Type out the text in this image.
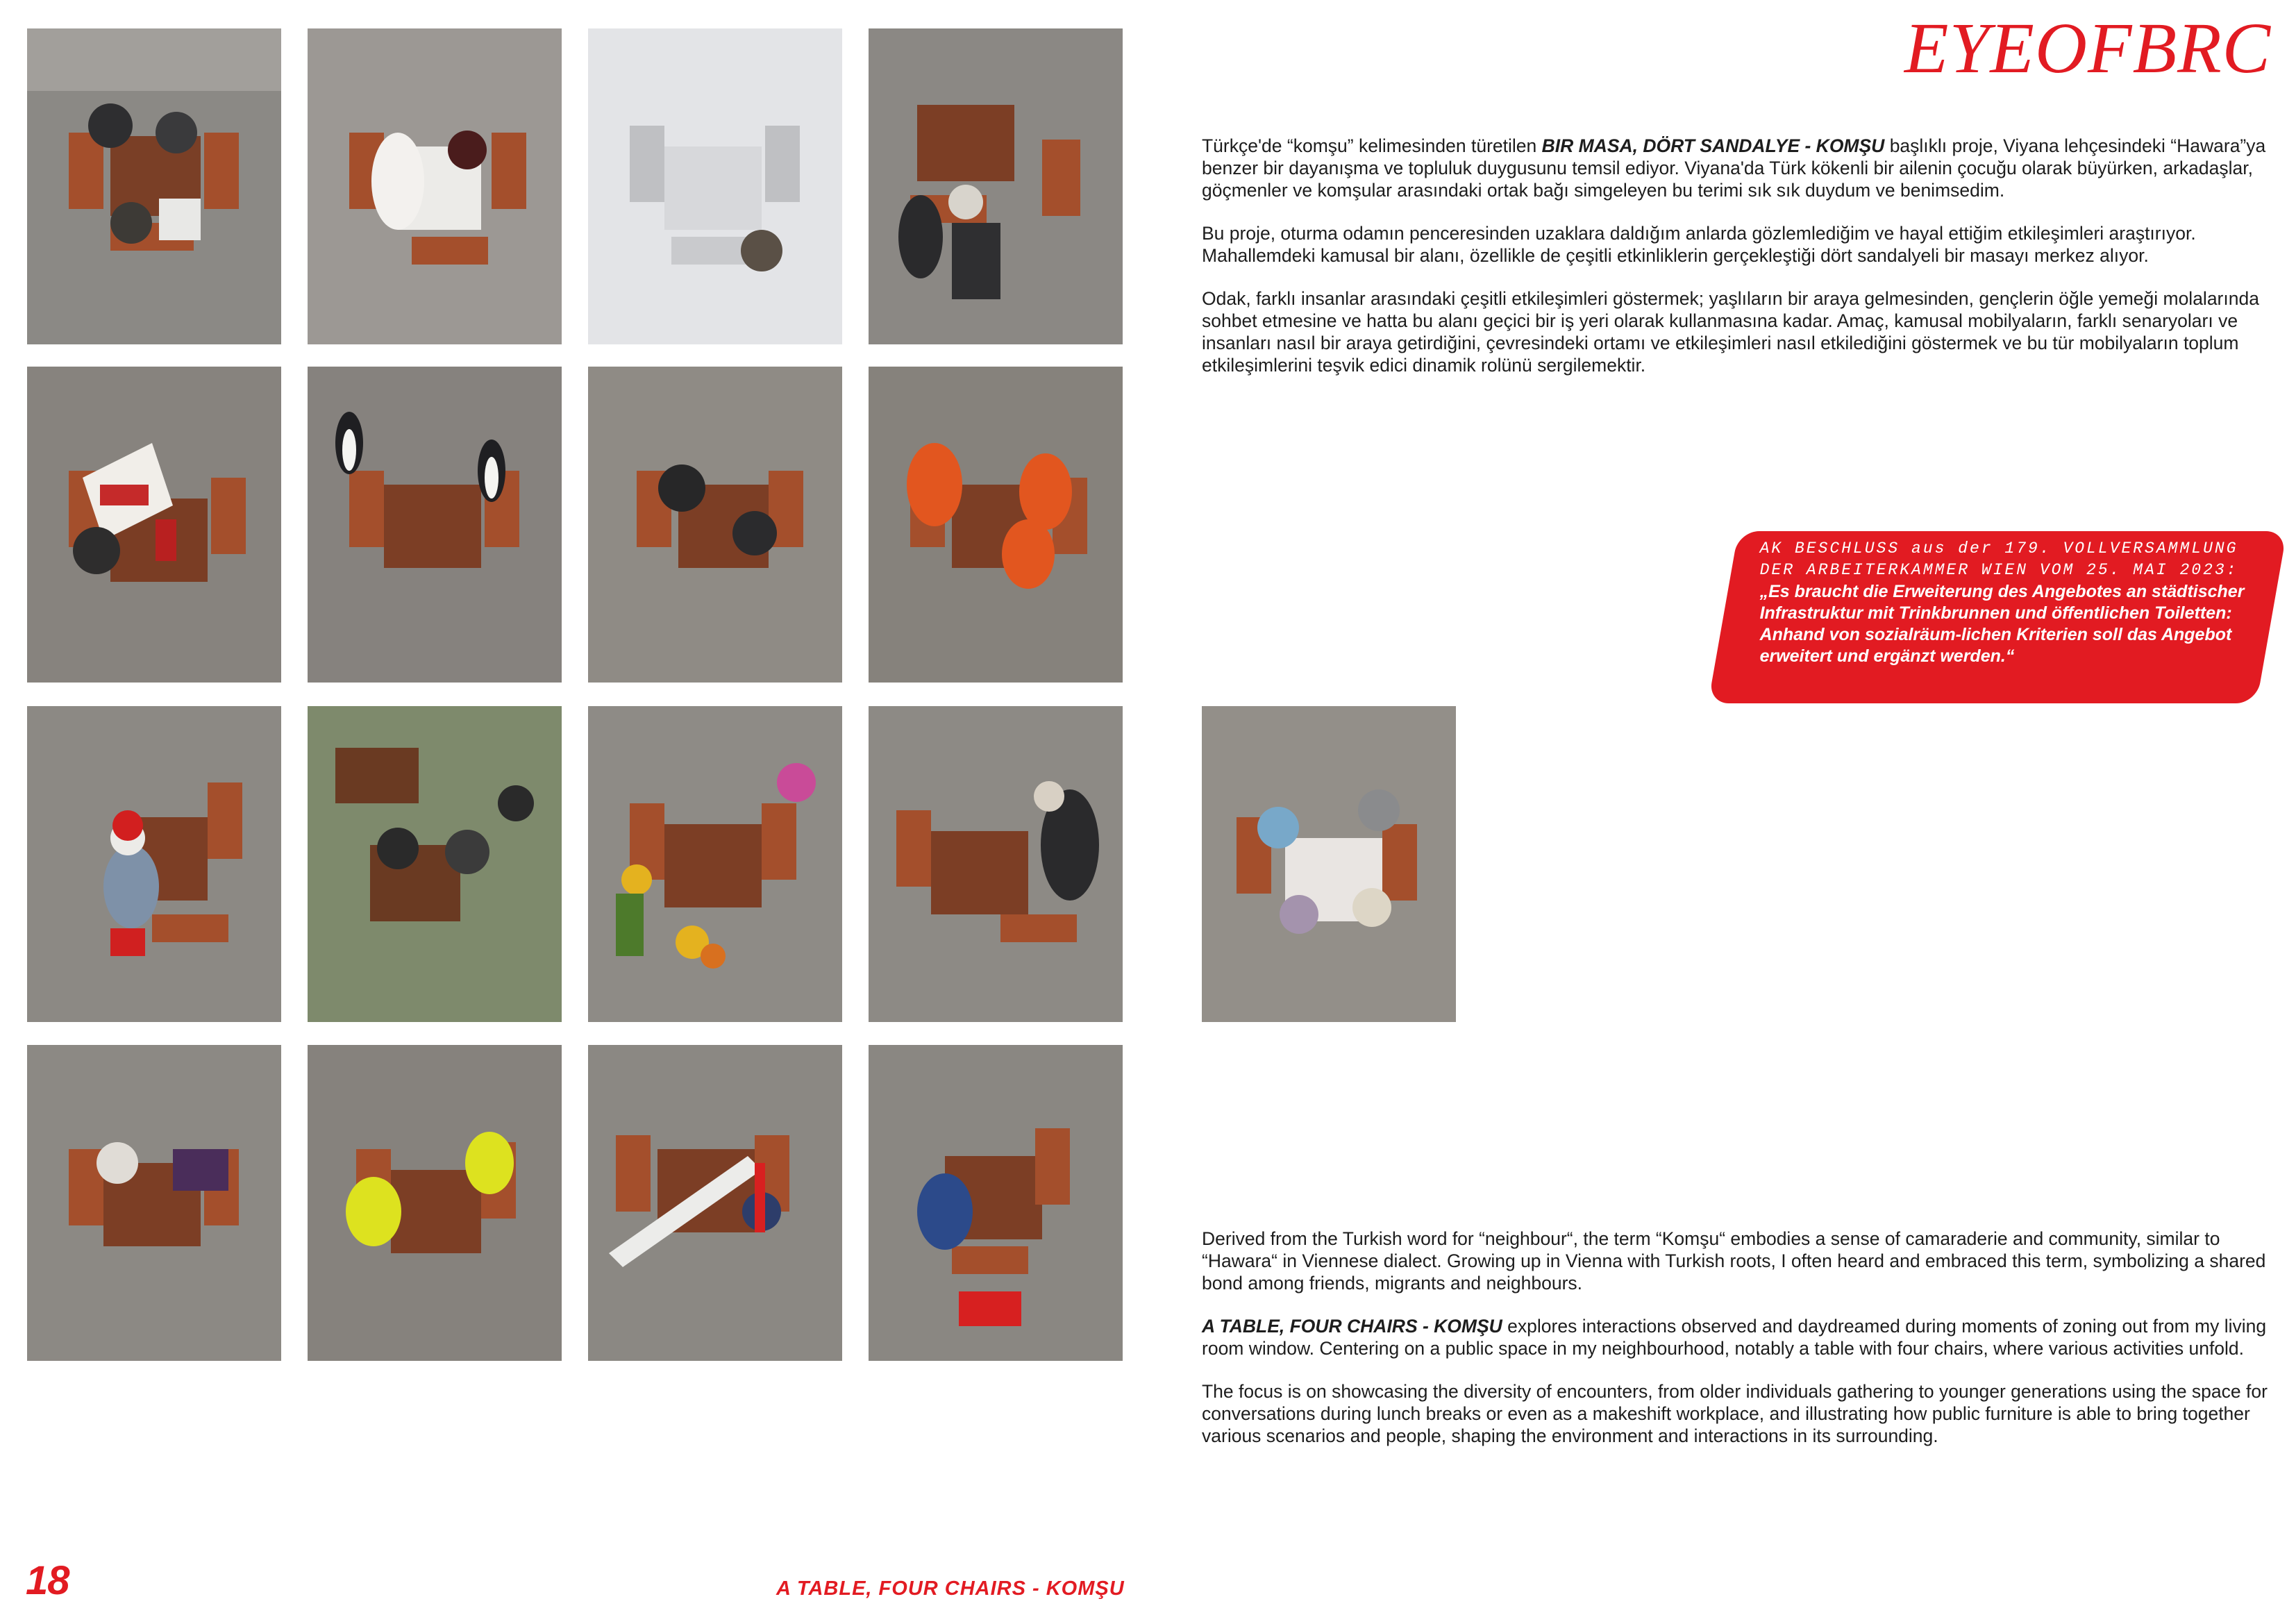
EYEOFBRC

Türkçe'de “komşu” kelimesinden türetilen BIR MASA, DÖRT SANDALYE - KOMŞU başlıklı proje, Viyana lehçesindeki “Hawara”ya benzer bir dayanışma ve topluluk duygusunu temsil ediyor. Viyana'da Türk kökenli bir ailenin çocuğu olarak büyürken, arkadaşlar, göçmenler ve komşular arasındaki ortak bağı simgeleyen bu terimi sık sık duydum ve benimsedim.

Bu proje, oturma odamın penceresinden uzaklara daldığım anlarda gözlemlediğim ve hayal ettiğim etkileşimleri araştırıyor. Mahallemdeki kamusal bir alanı, özellikle de çeşitli etkinliklerin gerçekleştiği dört sandalyeli bir masayı merkez alıyor.

Odak, farklı insanlar arasındaki çeşitli etkileşimleri göstermek; yaşlıların bir araya gelmesinden, gençlerin öğle yemeği molalarında sohbet etmesine ve hatta bu alanı geçici bir iş yeri olarak kullanmasına kadar. Amaç, kamusal mobilyaların, farklı senaryoları ve insanları nasıl bir araya getirdiğini, çevresindeki ortamı ve etkileşimleri nasıl etkilediğini göstermek ve bu tür mobilyaların toplum etkileşimlerini teşvik edici dinamik rolünü sergilemektir.

AK BESCHLUSS aus der 179. VOLLVERSAMMLUNG
DER ARBEITERKAMMER WIEN VOM 25. MAI 2023:
„Es braucht die Erweiterung des Angebotes an städtischer Infrastruktur mit Trinkbrunnen und öffentlichen Toiletten: Anhand von sozialräum-lichen Kriterien soll das Angebot erweitert und ergänzt werden.“

Derived from the Turkish word for “neighbour“, the term “Komşu“ embodies a sense of camaraderie and community, similar to “Hawara“ in Viennese dialect. Growing up in Vienna with Turkish roots, I often heard and embraced this term, symbolizing a shared bond among friends, migrants and neighbours.

A TABLE, FOUR CHAIRS - KOMŞU explores interactions observed and daydreamed during moments of zoning out from my living room window. Centering on a public space in my neighbourhood, notably a table with four chairs, where various activities unfold.

The focus is on showcasing the diversity of encounters, from older individuals gathering to younger generations using the space for conversations during lunch breaks or even as a makeshift workplace, and illustrating how public furniture is able to bring together various scenarios and people, shaping the environment and interactions in its surrounding.

18	A TABLE, FOUR CHAIRS - KOMŞU
